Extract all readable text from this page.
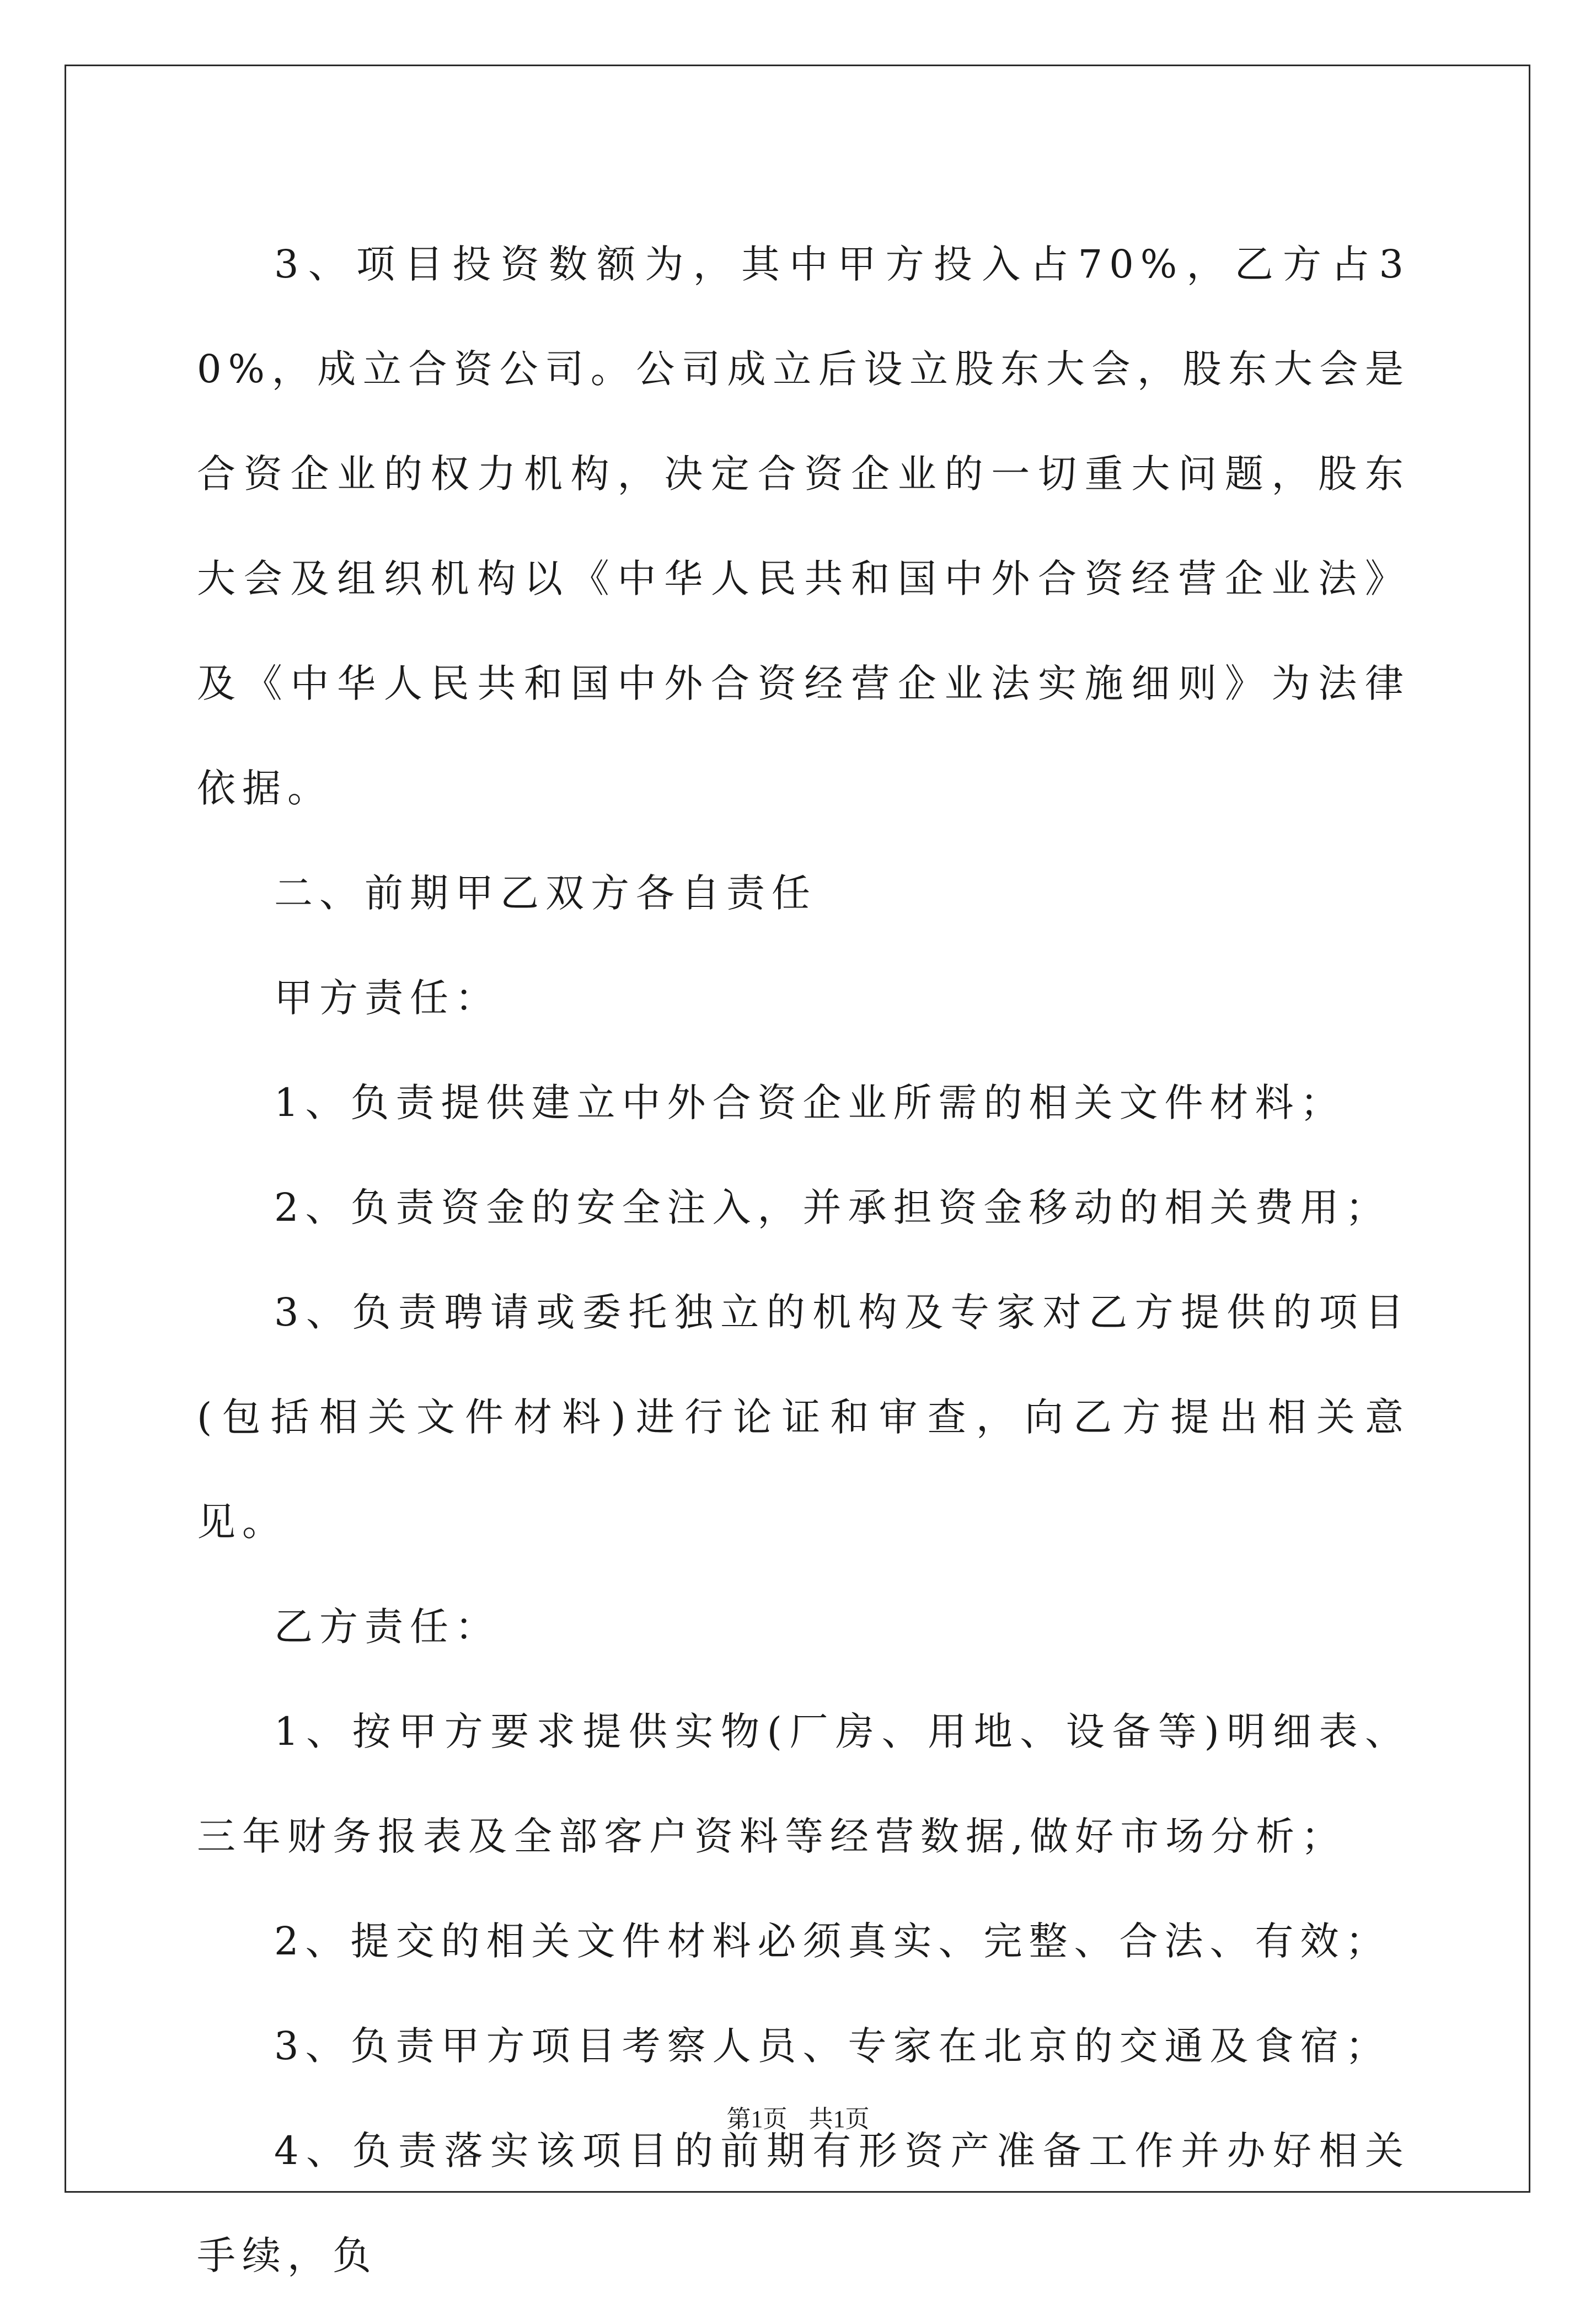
3、项目投资数额为，其中甲方投入占70%，乙方占30%，成立合资公司。公司成立后设立股东大会，股东大会是合资企业的权力机构，决定合资企业的一切重大问题，股东大会及组织机构以《中华人民共和国中外合资经营企业法》及《中华人民共和国中外合资经营企业法实施细则》为法律依据。

二、前期甲乙双方各自责任

甲方责任：

1、负责提供建立中外合资企业所需的相关文件材料；

2、负责资金的安全注入，并承担资金移动的相关费用；

3、负责聘请或委托独立的机构及专家对乙方提供的项目(包括相关文件材料)进行论证和审查，向乙方提出相关意见。

乙方责任：

1、按甲方要求提供实物(厂房、用地、设备等)明细表、三年财务报表及全部客户资料等经营数据,做好市场分析；

2、提交的相关文件材料必须真实、完整、合法、有效；

3、负责甲方项目考察人员、专家在北京的交通及食宿；

4、负责落实该项目的前期有形资产准备工作并办好相关手续，负

第1页 共1页
